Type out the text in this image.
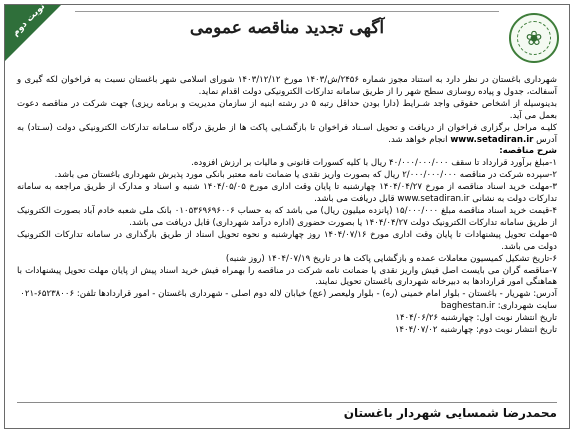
نوبت دوم	❀
آگهی تجدید مناقصه عمومی

شهرداری باغستان در نظر دارد به استناد مجوز شماره ۲۴۵۶/ش/۱۴۰۳ مورخ ۱۴۰۳/۱۲/۱۲ شورای اسلامی شهر باغستان نسبت به فراخوان لکه گیری و آسفالت، جدول و پیاده روسازی سطح شهر را از طریق سامانه تدارکات الکترونیکی دولت اقدام نماید.

بدینوسیله از اشخاص حقوقی واجد شـرایط (دارا بودن حداقل رتبه ۵ در رشته ابنیه از سازمان مدیریت و برنامه ریزی) جهت شرکت در مناقصه دعوت بعمل می آید.

کلیـه مراحل برگزاری فراخوان از دریافت و تحویل اسـناد فراخوان تا بازگشـایی پاکت ها از طریق درگاه سـامانه تدارکات الکترونیکی دولت (سـتاد) به آدرس www.setadiran.ir انجام خواهد شد.

شرح مناقصه:

۱-مبلغ برآورد قرارداد تا سقف ۴۰/۰۰۰/۰۰۰/۰۰۰ ریال با کلیه کسورات قانونی و مالیات بر ارزش افزوده.

۲-سپرده شرکت در مناقصه ۲/۰۰۰/۰۰۰/۰۰۰ ریال که بصورت واریز نقدی یا ضمانت نامه معتبر بانکی مورد پذیرش شهرداری باغستان می باشد.

۳-مهلت خرید اسناد مناقصه از مورخ ۱۴۰۴/۰۴/۲۷ چهارشنبه تا پایان وقت اداری مورخ ۱۴۰۴/۰۵/۰۵ شنبه و اسناد و مدارک از طریق مراجعه به سامانه تدارکات دولت به نشانی www.setadiran.ir قابل دریافت می باشد.

۴-قیمت خرید اسناد مناقصه مبلغ ۱۵/۰۰۰/۰۰۰ (پانزده میلیون ریال) می باشد که به حساب ۰۱۰۵۳۶۹۶۹۶۰۰۶ بانک ملی شعبه خادم آباد بصورت الکترونیک از طریق سامانه تدارکات الکترونیک دولت ۱۴۰۴/۰۴/۲۷ یا بصورت حضوری (اداره درآمد شهرداری) قابل دریافت می باشد.

۵-مهلت تحویل پیشنهادات تا پایان وقت اداری مورخ ۱۴۰۴/۰۷/۱۶ روز چهارشنبه و نحوه تحویل اسناد از طریق بارگذاری در سامانه تدارکات الکترونیک دولت می باشد.

۶-تاریخ تشکیل کمیسیون معاملات عمده و بازگشایی پاکت ها در تاریخ ۱۴۰۴/۰۷/۱۹ (روز شنبه)

۷-مناقصه گران می بایست اصل فیش واریز نقدی یا ضمانت نامه شرکت در مناقصه را بهمراه فیش خرید اسناد پیش از پایان مهلت تحویل پیشنهادات با هماهنگی امور قراردادها به دبیرخانه شهرداری باغستان تحویل نمایند.

آدرس: شهریار - باغستان - بلوار امام خمینی (ره) - بلوار ولیعصر (عج) خیابان لاله دوم اصلی - شهرداری باغستان - امور قراردادها تلفن: ۶۵۲۳۸۰۰۶-۰۲۱

سایت شهرداری: baghestan.ir

تاریخ انتشار نوبت اول: چهارشنبه ۱۴۰۴/۰۶/۲۶

تاریخ انتشار نوبت دوم: چهارشنبه ۱۴۰۴/۰۷/۰۲

محمدرضا شمسایی شهردار باغستان
